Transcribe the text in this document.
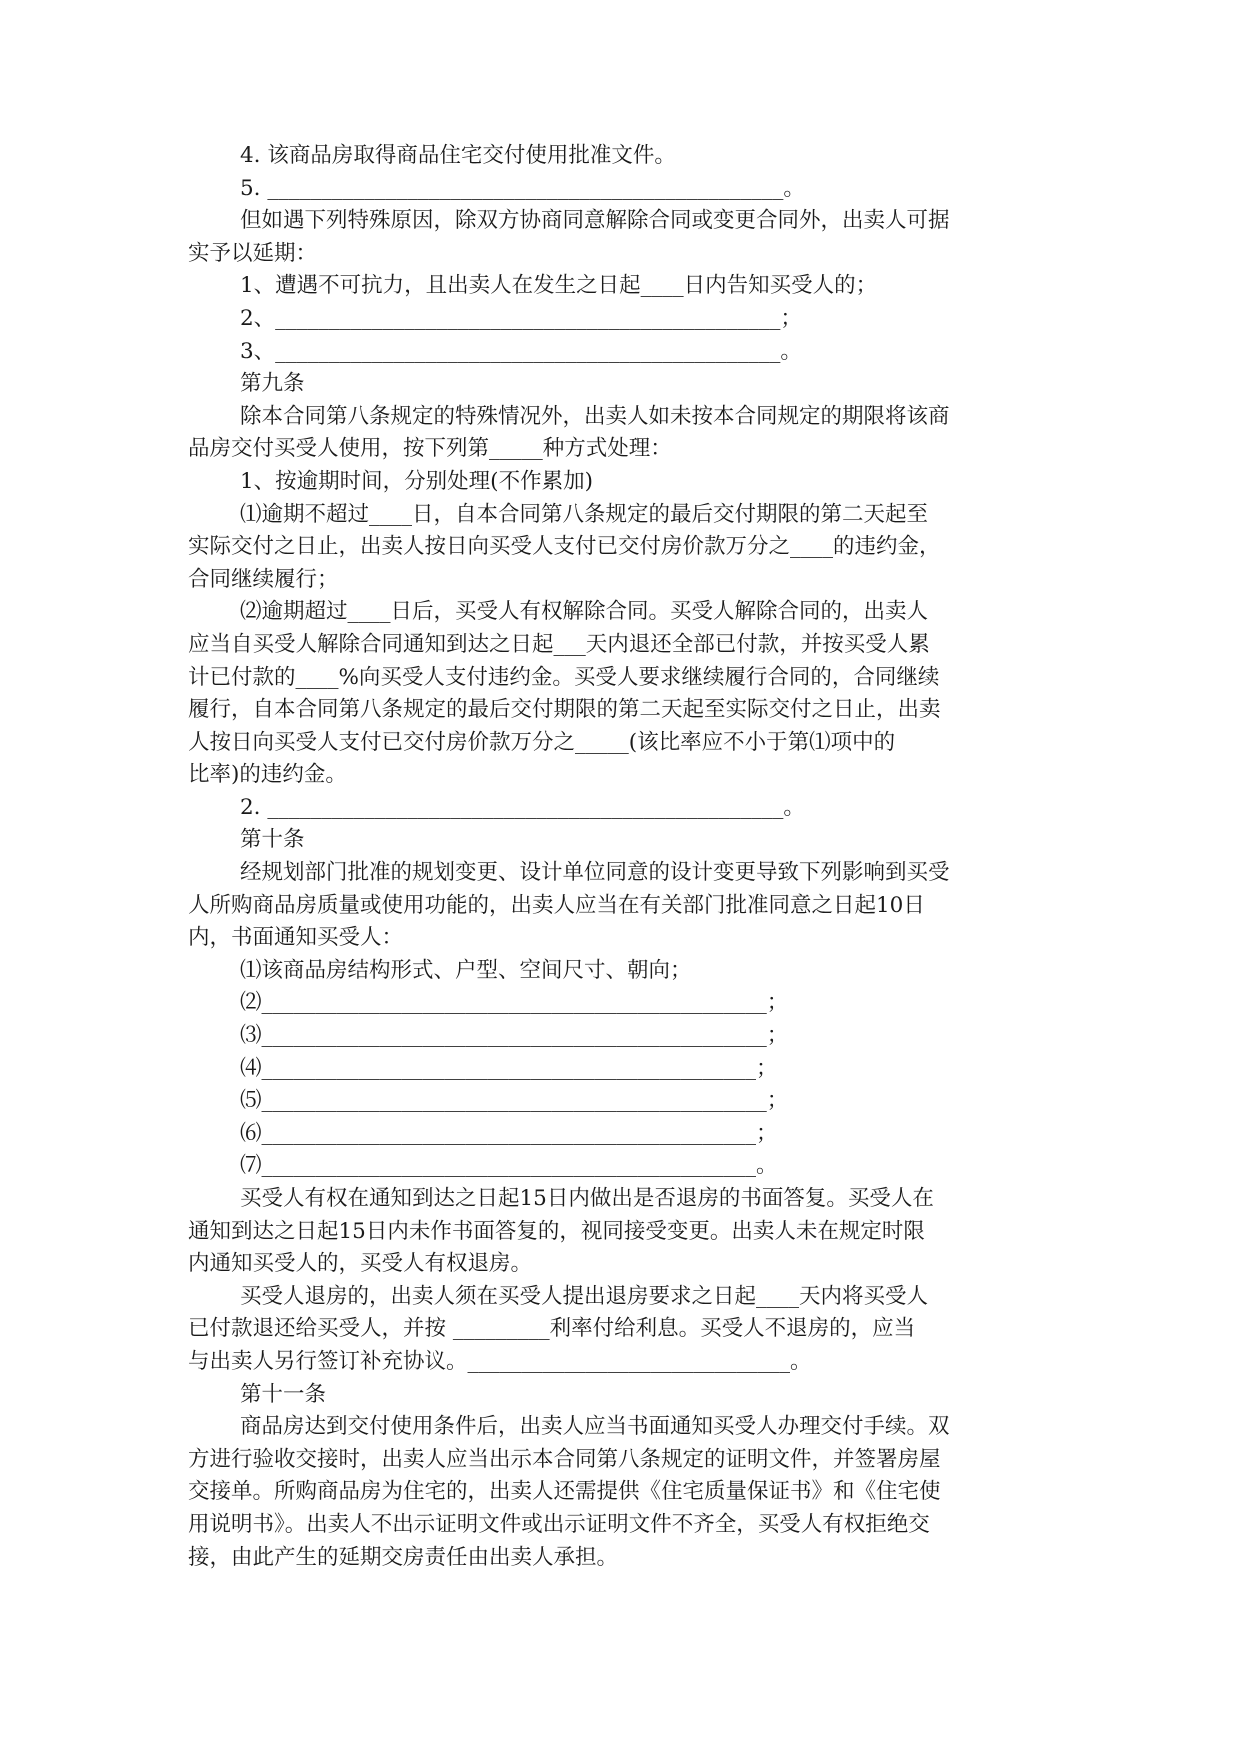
4. 该商品房取得商品住宅交付使用批准文件。
5. ________________________________________________。
但如遇下列特殊原因，除双方协商同意解除合同或变更合同外，出卖人可据
实予以延期：
1、遭遇不可抗力，且出卖人在发生之日起____日内告知买受人的；
2、_______________________________________________；
3、_______________________________________________。
第九条
除本合同第八条规定的特殊情况外，出卖人如未按本合同规定的期限将该商
品房交付买受人使用，按下列第_____种方式处理：
1、按逾期时间，分别处理(不作累加)
⑴逾期不超过____日，自本合同第八条规定的最后交付期限的第二天起至
实际交付之日止，出卖人按日向买受人支付已交付房价款万分之____的违约金，
合同继续履行；
⑵逾期超过____日后，买受人有权解除合同。买受人解除合同的，出卖人
应当自买受人解除合同通知到达之日起___天内退还全部已付款，并按买受人累
计已付款的____%向买受人支付违约金。买受人要求继续履行合同的，合同继续
履行，自本合同第八条规定的最后交付期限的第二天起至实际交付之日止，出卖
人按日向买受人支付已交付房价款万分之_____(该比率应不小于第⑴项中的
比率)的违约金。
2. ________________________________________________。
第十条
经规划部门批准的规划变更、设计单位同意的设计变更导致下列影响到买受
人所购商品房质量或使用功能的，出卖人应当在有关部门批准同意之日起10日
内，书面通知买受人：
⑴该商品房结构形式、户型、空间尺寸、朝向；
⑵_______________________________________________；
⑶_______________________________________________；
⑷______________________________________________；
⑸_______________________________________________；
⑹______________________________________________；
⑺______________________________________________。
买受人有权在通知到达之日起15日内做出是否退房的书面答复。买受人在
通知到达之日起15日内未作书面答复的，视同接受变更。出卖人未在规定时限
内通知买受人的，买受人有权退房。
买受人退房的，出卖人须在买受人提出退房要求之日起____天内将买受人
已付款退还给买受人，并按 _________利率付给利息。买受人不退房的，应当
与出卖人另行签订补充协议。______________________________。
第十一条
商品房达到交付使用条件后，出卖人应当书面通知买受人办理交付手续。双
方进行验收交接时，出卖人应当出示本合同第八条规定的证明文件，并签署房屋
交接单。所购商品房为住宅的，出卖人还需提供《住宅质量保证书》和《住宅使
用说明书》。出卖人不出示证明文件或出示证明文件不齐全，买受人有权拒绝交
接，由此产生的延期交房责任由出卖人承担。
